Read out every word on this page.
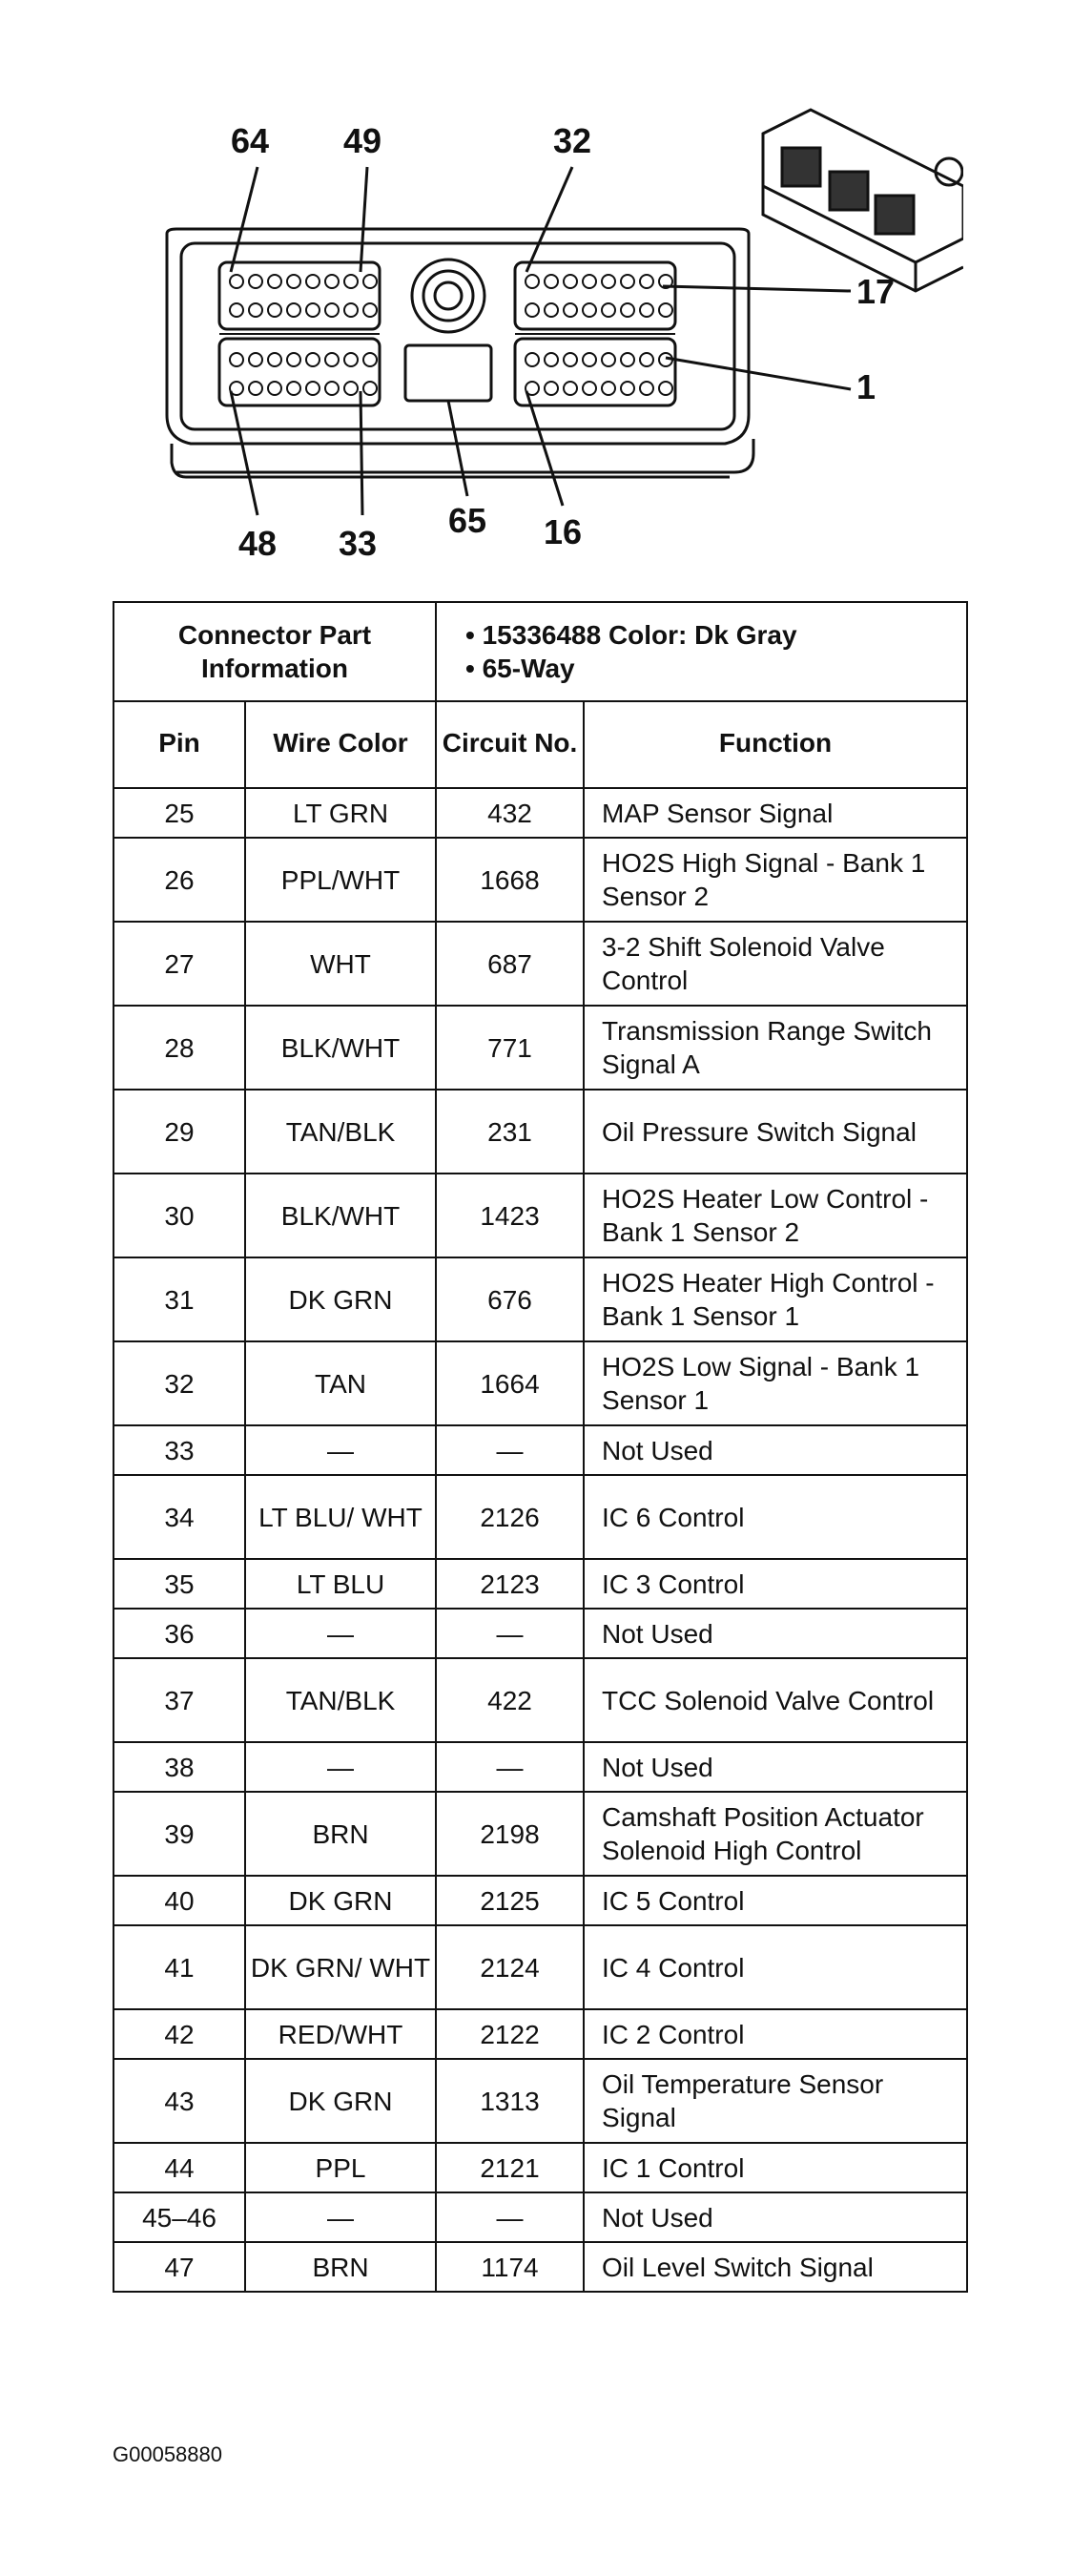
64 49	32
17
1
48 33
65 16
Connector Part Information		• 15336488 Color: Dk Gray
• 65-Way	

Pin	Wire Color	Circuit No.	Function
25	LT GRN	432	MAP Sensor Signal
26	PPL/WHT	1668	HO2S High Signal - Bank 1 Sensor 2
27	WHT	687	3-2 Shift Solenoid Valve Control
28	BLK/WHT	771	Transmission Range Switch Signal A
29	TAN/BLK	231	Oil Pressure Switch Signal
30	BLK/WHT	1423	HO2S Heater Low Control - Bank 1 Sensor 2
31	DK GRN	676	HO2S Heater High Control - Bank 1 Sensor 1
32	TAN	1664	HO2S Low Signal - Bank 1 Sensor 1
33	—	—	Not Used
34	LT BLU/ WHT	2126	IC 6 Control
35	LT BLU	2123	IC 3 Control
36	—	—	Not Used
37	TAN/BLK	422	TCC Solenoid Valve Control
38	—	—	Not Used
39	BRN	2198	Camshaft Position Actuator Solenoid High Control
40	DK GRN	2125	IC 5 Control
41	DK GRN/ WHT	2124	IC 4 Control
42	RED/WHT	2122	IC 2 Control
43	DK GRN	1313	Oil Temperature Sensor Signal
44	PPL	2121	IC 1 Control
45–46	—	—	Not Used
47	BRN	1174	Oil Level Switch Signal
G00058880
